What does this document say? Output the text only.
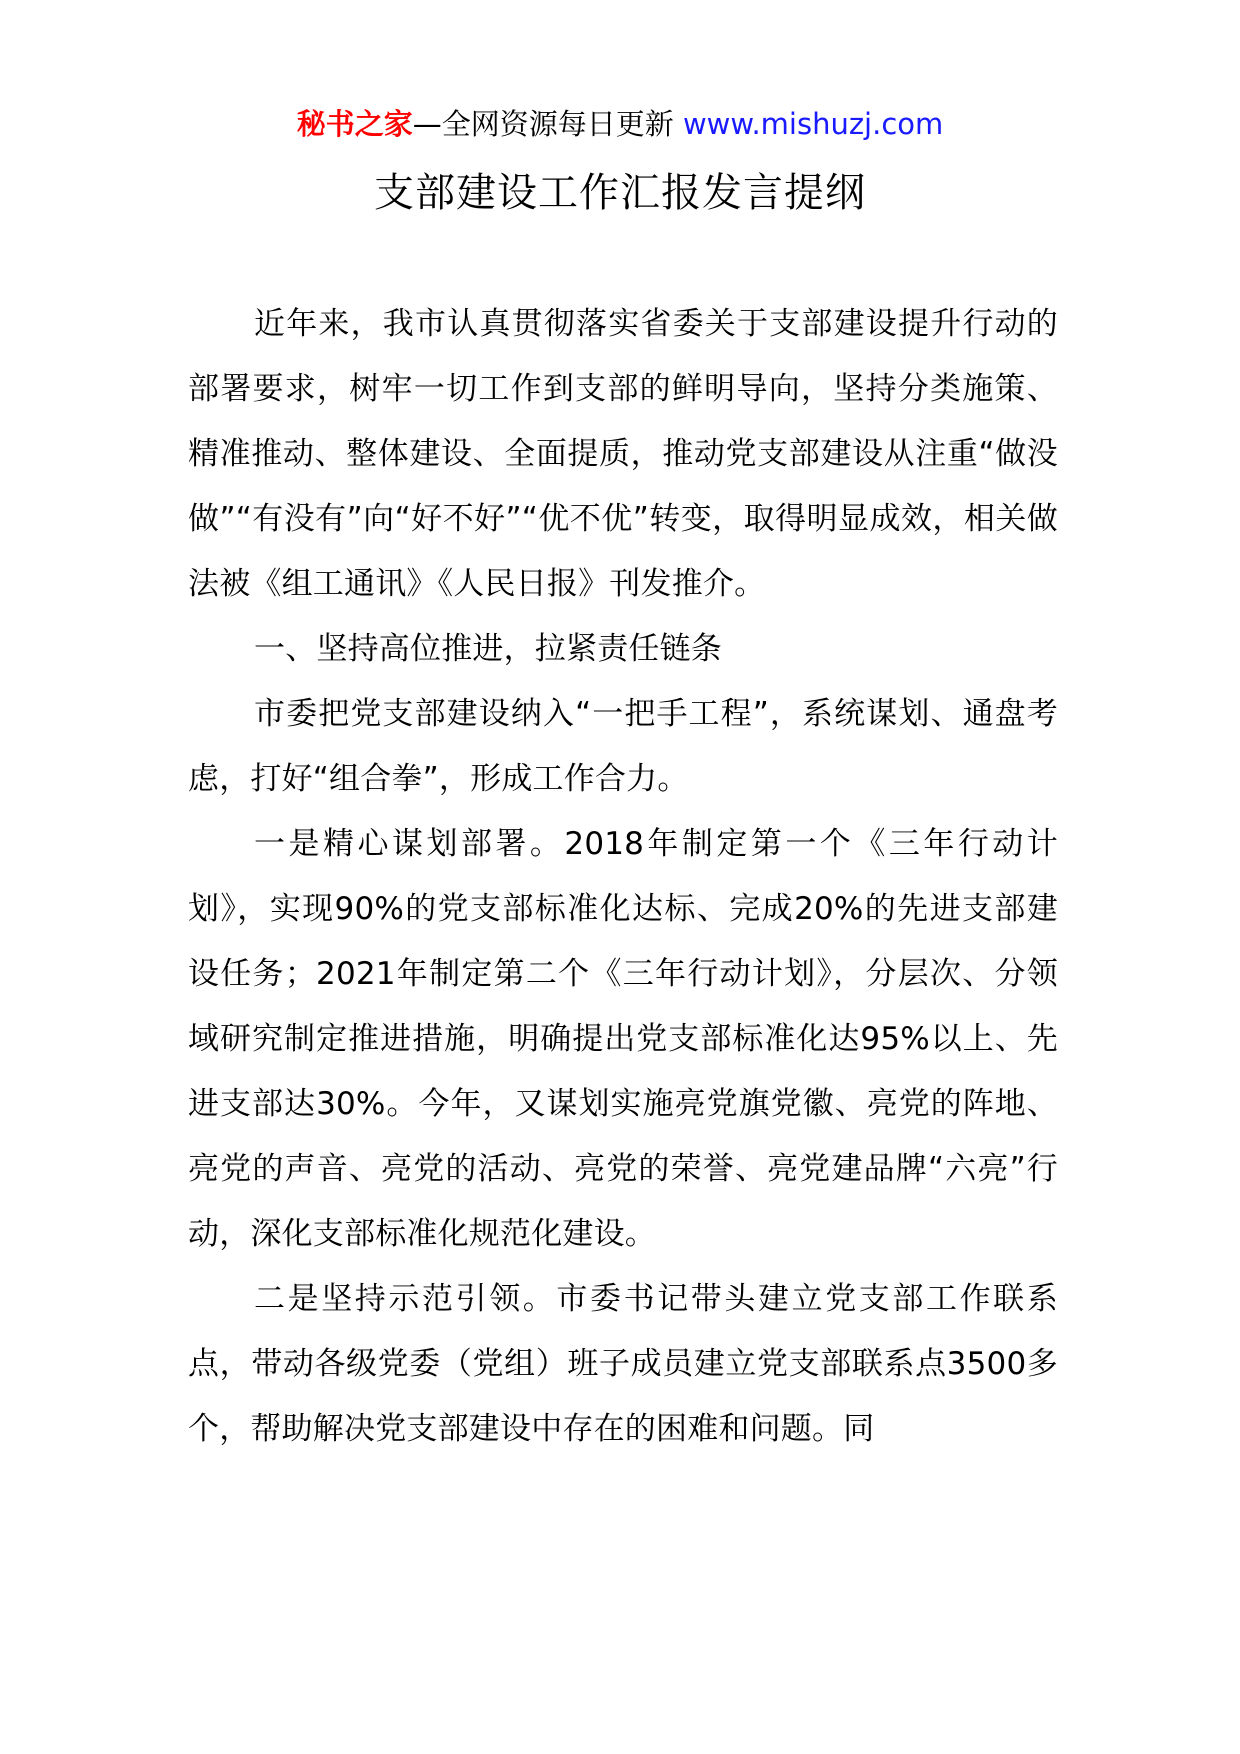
秘书之家—全网资源每日更新 www.mishuzj.com
支部建设工作汇报发言提纲

近年来，我市认真贯彻落实省委关于支部建设提升行动的部署要求，树牢一切工作到支部的鲜明导向，坚持分类施策、精准推动、整体建设、全面提质，推动党支部建设从注重“做没做”“有没有”向“好不好”“优不优”转变，取得明显成效，相关做法被《组工通讯》《人民日报》刊发推介。

一、坚持高位推进，拉紧责任链条

市委把党支部建设纳入“一把手工程”，系统谋划、通盘考虑，打好“组合拳”，形成工作合力。

一是精心谋划部署。2018年制定第一个《三年行动计划》，实现90%的党支部标准化达标、完成20%的先进支部建设任务；2021年制定第二个《三年行动计划》，分层次、分领域研究制定推进措施，明确提出党支部标准化达95%以上、先进支部达30%。今年，又谋划实施亮党旗党徽、亮党的阵地、亮党的声音、亮党的活动、亮党的荣誉、亮党建品牌“六亮”行动，深化支部标准化规范化建设。

二是坚持示范引领。市委书记带头建立党支部工作联系点，带动各级党委（党组）班子成员建立党支部联系点3500多个，帮助解决党支部建设中存在的困难和问题。同
